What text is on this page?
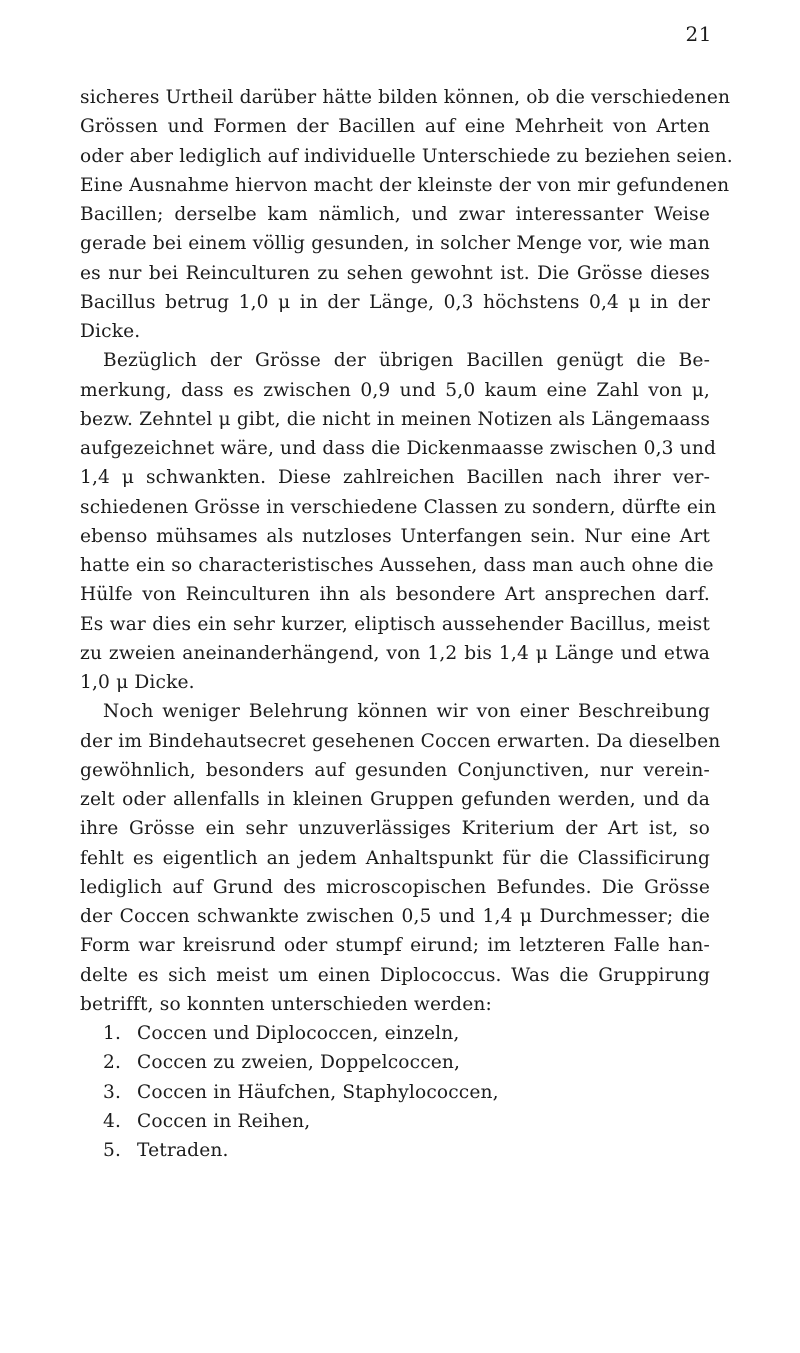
21
sicheres Urtheil darüber hätte bilden können, ob die verschiedenen
Grössen und Formen der Bacillen auf eine Mehrheit von Arten
oder aber lediglich auf individuelle Unterschiede zu beziehen seien.
Eine Ausnahme hiervon macht der kleinste der von mir gefundenen
Bacillen; derselbe kam nämlich, und zwar interessanter Weise
gerade bei einem völlig gesunden, in solcher Menge vor, wie man
es nur bei Reinculturen zu sehen gewohnt ist. Die Grösse dieses
Bacillus betrug 1,0 μ in der Länge, 0,3 höchstens 0,4 μ in der
Dicke.
Bezüglich der Grösse der übrigen Bacillen genügt die Be-
merkung, dass es zwischen 0,9 und 5,0 kaum eine Zahl von μ,
bezw. Zehntel μ gibt, die nicht in meinen Notizen als Längemaass
aufgezeichnet wäre, und dass die Dickenmaasse zwischen 0,3 und
1,4 μ schwankten. Diese zahlreichen Bacillen nach ihrer ver-
schiedenen Grösse in verschiedene Classen zu sondern, dürfte ein
ebenso mühsames als nutzloses Unterfangen sein. Nur eine Art
hatte ein so characteristisches Aussehen, dass man auch ohne die
Hülfe von Reinculturen ihn als besondere Art ansprechen darf.
Es war dies ein sehr kurzer, eliptisch aussehender Bacillus, meist
zu zweien aneinanderhängend, von 1,2 bis 1,4 μ Länge und etwa
1,0 μ Dicke.
Noch weniger Belehrung können wir von einer Beschreibung
der im Bindehautsecret gesehenen Coccen erwarten. Da dieselben
gewöhnlich, besonders auf gesunden Conjunctiven, nur verein-
zelt oder allenfalls in kleinen Gruppen gefunden werden, und da
ihre Grösse ein sehr unzuverlässiges Kriterium der Art ist, so
fehlt es eigentlich an jedem Anhaltspunkt für die Classificirung
lediglich auf Grund des microscopischen Befundes. Die Grösse
der Coccen schwankte zwischen 0,5 und 1,4 μ Durchmesser; die
Form war kreisrund oder stumpf eirund; im letzteren Falle han-
delte es sich meist um einen Diplococcus. Was die Gruppirung
betrifft, so konnten unterschieden werden:
1. Coccen und Diplococcen, einzeln,
2. Coccen zu zweien, Doppelcoccen,
3. Coccen in Häufchen, Staphylococcen,
4. Coccen in Reihen,
5. Tetraden.
